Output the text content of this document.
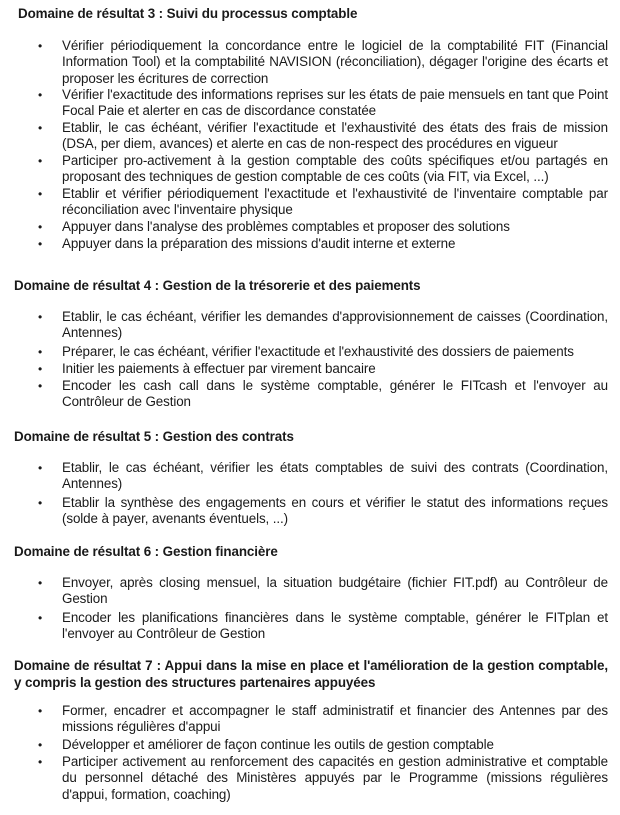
Domaine de résultat 3 : Suivi du processus comptable
• Vérifier périodiquement la concordance entre le logiciel de la comptabilité FIT (Financial Information Tool) et la comptabilité NAVISION (réconciliation), dégager l'origine des écarts et proposer les écritures de correction
• Vérifier l'exactitude des informations reprises sur les états de paie mensuels en tant que Point Focal Paie et alerter en cas de discordance constatée
• Etablir, le cas échéant, vérifier l'exactitude et l'exhaustivité des états des frais de mission (DSA, per diem, avances) et alerte en cas de non-respect des procédures en vigueur
• Participer pro-activement à la gestion comptable des coûts spécifiques et/ou partagés en proposant des techniques de gestion comptable de ces coûts (via FIT, via Excel, ...)
• Etablir et vérifier périodiquement l'exactitude et l'exhaustivité de l'inventaire comptable par réconciliation avec l'inventaire physique
• Appuyer dans l'analyse des problèmes comptables et proposer des solutions
• Appuyer dans la préparation des missions d'audit interne et externe
Domaine de résultat 4 : Gestion de la trésorerie et des paiements
• Etablir, le cas échéant, vérifier les demandes d'approvisionnement de caisses (Coordination, Antennes)
• Préparer, le cas échéant, vérifier l'exactitude et l'exhaustivité des dossiers de paiements
• Initier les paiements à effectuer par virement bancaire
• Encoder les cash call dans le système comptable, générer le FITcash et l'envoyer au Contrôleur de Gestion
Domaine de résultat 5 : Gestion des contrats
• Etablir, le cas échéant, vérifier les états comptables de suivi des contrats (Coordination, Antennes)
• Etablir la synthèse des engagements en cours et vérifier le statut des informations reçues (solde à payer, avenants éventuels, ...)
Domaine de résultat 6 : Gestion financière
• Envoyer, après closing mensuel, la situation budgétaire (fichier FIT.pdf) au Contrôleur de Gestion
• Encoder les planifications financières dans le système comptable, générer le FITplan et l'envoyer au Contrôleur de Gestion
Domaine de résultat 7 : Appui dans la mise en place et l'amélioration de la gestion comptable, y compris la gestion des structures partenaires appuyées
• Former, encadrer et accompagner le staff administratif et financier des Antennes par des missions régulières d'appui
• Développer et améliorer de façon continue les outils de gestion comptable
• Participer activement au renforcement des capacités en gestion administrative et comptable du personnel détaché des Ministères appuyés par le Programme (missions régulières d'appui, formation, coaching)
